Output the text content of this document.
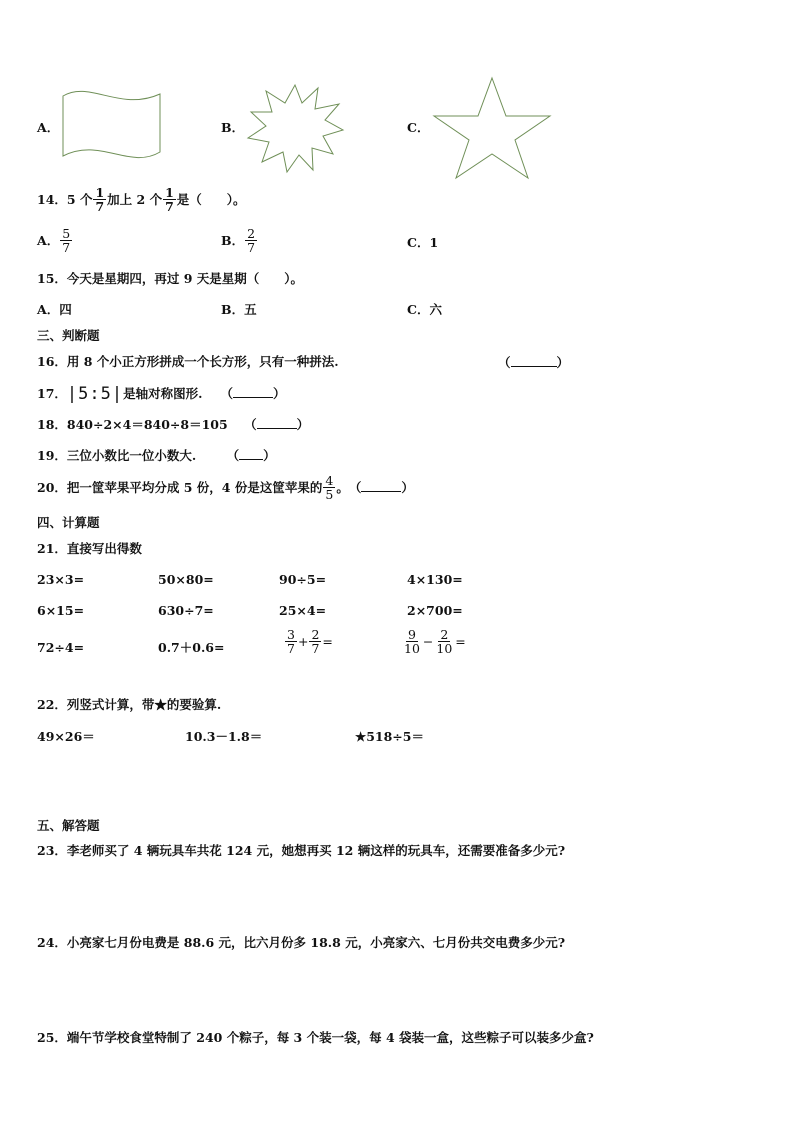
A．	B．	C．
14． 5 个 $\frac{1}{7}$ 加上 2 个 $\frac{1}{7}$ 是（　　）。
A． $\frac{5}{7}$	B． $\frac{2}{7}$	C．1
15．今天是星期四，再过 9 天是星期（　　）。
A．四	B．五	C．六
三、判断题
16．用 8 个小正方形拼成一个长方形，只有一种拼法.	（	）
17． |5:5| 是轴对称图形. （	）
18．840÷2×4＝840÷8＝105 （	）
19．三位小数比一位小数大. （ ）
20． 把一筐苹果平均分成 5 份，4 份是这筐苹果的 $\frac{4}{5}$ 。 （	）
四、计算题
21．直接写出得数
23×3=	50×80=	90÷5=	4×130=
6×15=	630÷7=	25×4=	2×700=
72÷4=	0.7＋0.6=	$\frac{3}{7} + \frac{2}{7}$ =	$\frac{9}{10} - \frac{2}{10}$ =
22．列竖式计算，带★的要验算.
49×26＝	10.3－1.8＝	★518÷5＝
五、解答题
23．李老师买了 4 辆玩具车共花 124 元，她想再买 12 辆这样的玩具车，还需要准备多少元?
24．小亮家七月份电费是 88.6 元，比六月份多 18.8 元，小亮家六、七月份共交电费多少元?
25．端午节学校食堂特制了 240 个粽子，每 3 个装一袋，每 4 袋装一盒，这些粽子可以装多少盒?
